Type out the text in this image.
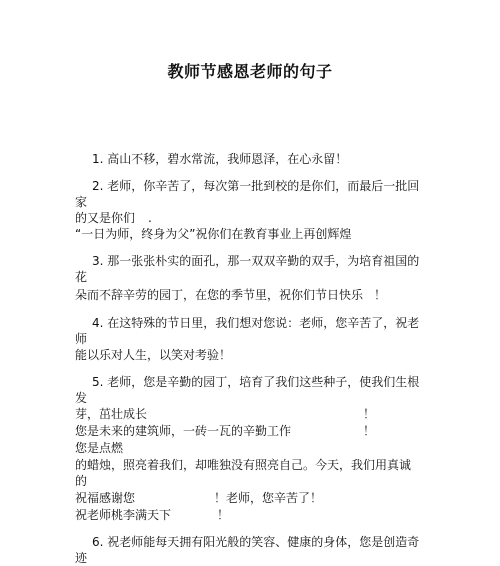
教师节感恩老师的句子
1. 高山不移，碧水常流，我师恩泽，在心永留！
2. 老师，你辛苦了，每次第一批到校的是你们，而最后一批回
家
的又是你们 .
“一日为师，终身为父”祝你们在教育事业上再创辉煌
3. 那一张张朴实的面孔，那一双双辛勤的双手，为培育祖国的
花
朵而不辞辛劳的园丁，在您的季节里，祝你们节日快乐 ！
4. 在这特殊的节日里，我们想对您说：老师，您辛苦了，祝老
师
能以乐对人生，以笑对考验！
5. 老师，您是辛勤的园丁，培育了我们这些种子，使我们生根
发
芽，茁壮成长	！
您是未来的建筑师，一砖一瓦的辛勤工作	！
您是点燃
的蜡烛，照亮着我们，却唯独没有照亮自己。今天，我们用真诚
的
祝福感谢您	！老师，您辛苦了！
祝老师桃李满天下	！
6. 祝老师能每天拥有阳光般的笑容、健康的身体，您是创造奇
迹
